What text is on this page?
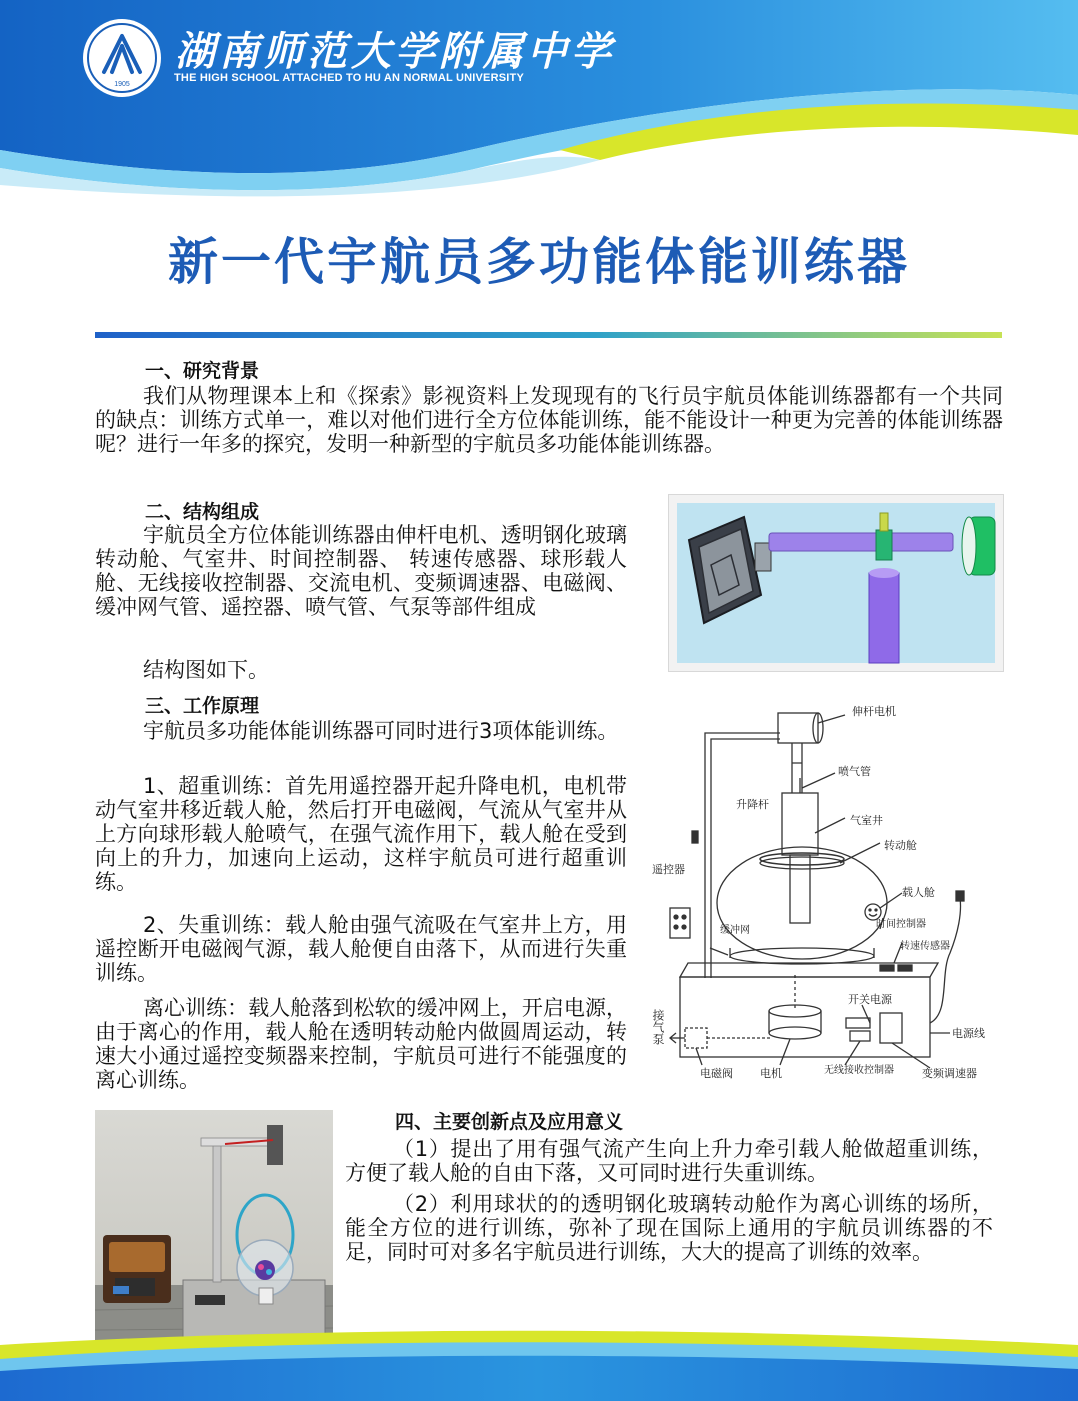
1905
湖南师范大学附属中学
THE HIGH SCHOOL ATTACHED TO HU AN NORMAL UNIVERSITY
新一代宇航员多功能体能训练器
一、研究背景
我们从物理课本上和《探索》影视资料上发现现有的飞行员宇航员体能训练器都有一个共同的缺点：训练方式单一，难以对他们进行全方位体能训练，能不能设计一种更为完善的体能训练器呢？进行一年多的探究，发明一种新型的宇航员多功能体能训练器。
二、结构组成
宇航员全方位体能训练器由伸杆电机、透明钢化玻璃转动舱、气室井、时间控制器、 转速传感器、球形载人舱、无线接收控制器、交流电机、变频调速器、电磁阀、缓冲网气管、遥控器、喷气管、气泵等部件组成
结构图如下。
三、工作原理
宇航员多功能体能训练器可同时进行3项体能训练。
1、超重训练：首先用遥控器开起升降电机，电机带动气室井移近载人舱，然后打开电磁阀，气流从气室井从上方向球形载人舱喷气，在强气流作用下，载人舱在受到向上的升力，加速向上运动，这样宇航员可进行超重训练。
2、失重训练：载人舱由强气流吸在气室井上方，用遥控断开电磁阀气源，载人舱便自由落下，从而进行失重训练。
离心训练：载人舱落到松软的缓冲网上，开启电源，由于离心的作用，载人舱在透明转动舱内做圆周运动，转速大小通过遥控变频器来控制，宇航员可进行不能强度的离心训练。
伸杆电机
喷气管
升降杆
气室井
转动舱
遥控器
载人舱
时间控制器
缓冲网
转速传感器
开关电源
电源线
电磁阀 电机	无线接收控制器	变频调速器
接气泵
四、主要创新点及应用意义
（1）提出了用有强气流产生向上升力牵引载人舱做超重训练，方便了载人舱的自由下落，又可同时进行失重训练。
（2）利用球状的的透明钢化玻璃转动舱作为离心训练的场所，能全方位的进行训练，弥补了现在国际上通用的宇航员训练器的不足，同时可对多名宇航员进行训练，大大的提高了训练的效率。
